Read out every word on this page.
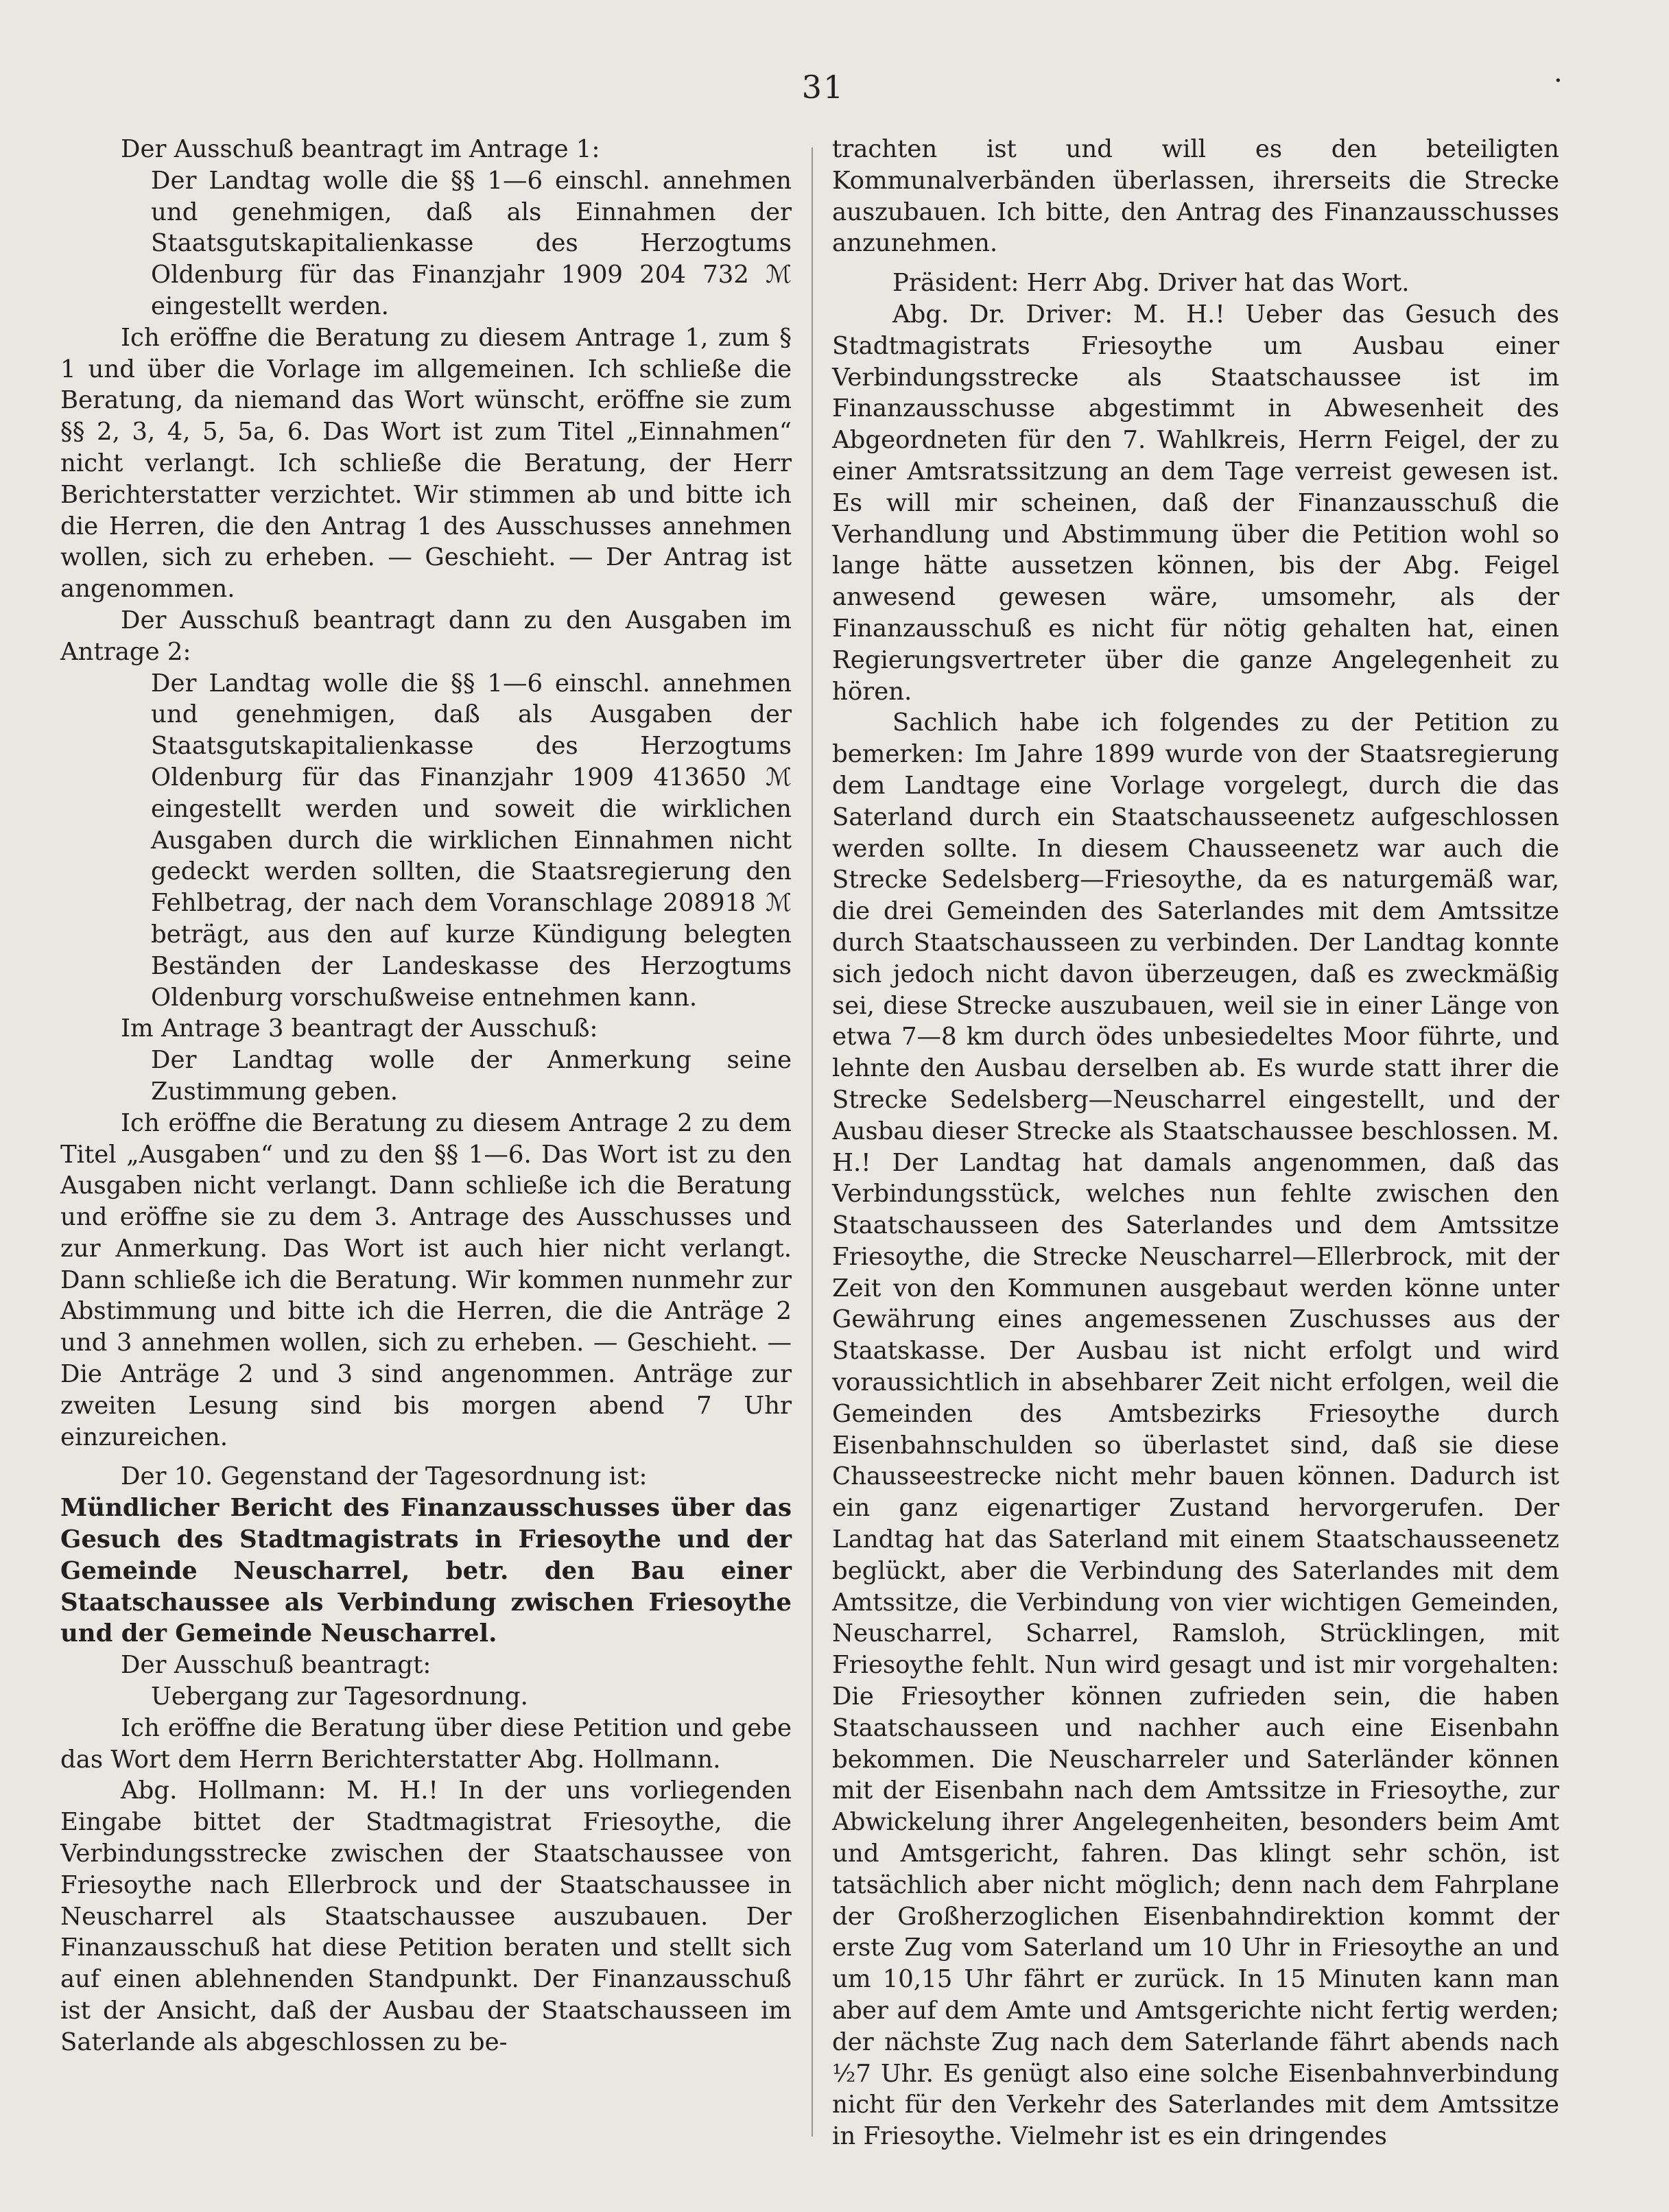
31	·

Der Ausschuß beantragt im Antrage 1:

Der Landtag wolle die §§ 1—6 einschl. annehmen und genehmigen, daß als Einnahmen der Staatsgutskapitalienkasse des Herzogtums Oldenburg für das Finanzjahr 1909 204 732 ℳ eingestellt werden.

Ich eröffne die Beratung zu diesem Antrage 1, zum § 1 und über die Vorlage im allgemeinen. Ich schließe die Beratung, da niemand das Wort wünscht, eröffne sie zum §§ 2, 3, 4, 5, 5a, 6. Das Wort ist zum Titel „Einnahmen“ nicht verlangt. Ich schließe die Beratung, der Herr Berichterstatter verzichtet. Wir stimmen ab und bitte ich die Herren, die den Antrag 1 des Ausschusses annehmen wollen, sich zu erheben. — Geschieht. — Der Antrag ist angenommen.

Der Ausschuß beantragt dann zu den Ausgaben im Antrage 2:

Der Landtag wolle die §§ 1—6 einschl. annehmen und genehmigen, daß als Ausgaben der Staatsgutskapitalienkasse des Herzogtums Oldenburg für das Finanzjahr 1909 413650 ℳ eingestellt werden und soweit die wirklichen Ausgaben durch die wirklichen Einnahmen nicht gedeckt werden sollten, die Staatsregierung den Fehlbetrag, der nach dem Voranschlage 208918 ℳ beträgt, aus den auf kurze Kündigung belegten Beständen der Landeskasse des Herzogtums Oldenburg vorschußweise entnehmen kann.

Im Antrage 3 beantragt der Ausschuß:

Der Landtag wolle der Anmerkung seine Zustimmung geben.

Ich eröffne die Beratung zu diesem Antrage 2 zu dem Titel „Ausgaben“ und zu den §§ 1—6. Das Wort ist zu den Ausgaben nicht verlangt. Dann schließe ich die Beratung und eröffne sie zu dem 3. Antrage des Ausschusses und zur Anmerkung. Das Wort ist auch hier nicht verlangt. Dann schließe ich die Beratung. Wir kommen nunmehr zur Abstimmung und bitte ich die Herren, die die Anträge 2 und 3 annehmen wollen, sich zu erheben. — Geschieht. — Die Anträge 2 und 3 sind angenommen. Anträge zur zweiten Lesung sind bis morgen abend 7 Uhr einzureichen.

Der 10. Gegenstand der Tagesordnung ist:

Mündlicher Bericht des Finanzausschusses über das Gesuch des Stadtmagistrats in Friesoythe und der Gemeinde Neuscharrel, betr. den Bau einer Staatschaussee als Verbindung zwischen Friesoythe und der Gemeinde Neuscharrel.

Der Ausschuß beantragt:

Uebergang zur Tagesordnung.

Ich eröffne die Beratung über diese Petition und gebe das Wort dem Herrn Berichterstatter Abg. Hollmann.

Abg. Hollmann: M. H.! In der uns vorliegenden Eingabe bittet der Stadtmagistrat Friesoythe, die Verbindungsstrecke zwischen der Staatschaussee von Friesoythe nach Ellerbrock und der Staatschaussee in Neuscharrel als Staatschaussee auszubauen. Der Finanzausschuß hat diese Petition beraten und stellt sich auf einen ablehnenden Standpunkt. Der Finanzausschuß ist der Ansicht, daß der Ausbau der Staatschausseen im Saterlande als abgeschlossen zu be-

trachten ist und will es den beteiligten Kommunalverbänden überlassen, ihrerseits die Strecke auszubauen. Ich bitte, den Antrag des Finanzausschusses anzunehmen.

Präsident: Herr Abg. Driver hat das Wort.

Abg. Dr. Driver: M. H.! Ueber das Gesuch des Stadtmagistrats Friesoythe um Ausbau einer Verbindungsstrecke als Staatschaussee ist im Finanzausschusse abgestimmt in Abwesenheit des Abgeordneten für den 7. Wahlkreis, Herrn Feigel, der zu einer Amtsratssitzung an dem Tage verreist gewesen ist. Es will mir scheinen, daß der Finanzausschuß die Verhandlung und Abstimmung über die Petition wohl so lange hätte aussetzen können, bis der Abg. Feigel anwesend gewesen wäre, umsomehr, als der Finanzausschuß es nicht für nötig gehalten hat, einen Regierungsvertreter über die ganze Angelegenheit zu hören.

Sachlich habe ich folgendes zu der Petition zu bemerken: Im Jahre 1899 wurde von der Staatsregierung dem Landtage eine Vorlage vorgelegt, durch die das Saterland durch ein Staatschausseenetz aufgeschlossen werden sollte. In diesem Chausseenetz war auch die Strecke Sedelsberg—Friesoythe, da es naturgemäß war, die drei Gemeinden des Saterlandes mit dem Amtssitze durch Staatschausseen zu verbinden. Der Landtag konnte sich jedoch nicht davon überzeugen, daß es zweckmäßig sei, diese Strecke auszubauen, weil sie in einer Länge von etwa 7—8 km durch ödes unbesiedeltes Moor führte, und lehnte den Ausbau derselben ab. Es wurde statt ihrer die Strecke Sedelsberg—Neuscharrel eingestellt, und der Ausbau dieser Strecke als Staatschaussee beschlossen. M. H.! Der Landtag hat damals angenommen, daß das Verbindungsstück, welches nun fehlte zwischen den Staatschausseen des Saterlandes und dem Amtssitze Friesoythe, die Strecke Neuscharrel—Ellerbrock, mit der Zeit von den Kommunen ausgebaut werden könne unter Gewährung eines angemessenen Zuschusses aus der Staatskasse. Der Ausbau ist nicht erfolgt und wird voraussichtlich in absehbarer Zeit nicht erfolgen, weil die Gemeinden des Amtsbezirks Friesoythe durch Eisenbahnschulden so überlastet sind, daß sie diese Chausseestrecke nicht mehr bauen können. Dadurch ist ein ganz eigenartiger Zustand hervorgerufen. Der Landtag hat das Saterland mit einem Staatschausseenetz beglückt, aber die Verbindung des Saterlandes mit dem Amtssitze, die Verbindung von vier wichtigen Gemeinden, Neuscharrel, Scharrel, Ramsloh, Strücklingen, mit Friesoythe fehlt. Nun wird gesagt und ist mir vorgehalten: Die Friesoyther können zufrieden sein, die haben Staatschausseen und nachher auch eine Eisenbahn bekommen. Die Neuscharreler und Saterländer können mit der Eisenbahn nach dem Amtssitze in Friesoythe, zur Abwickelung ihrer Angelegenheiten, besonders beim Amt und Amtsgericht, fahren. Das klingt sehr schön, ist tatsächlich aber nicht möglich; denn nach dem Fahrplane der Großherzoglichen Eisenbahndirektion kommt der erste Zug vom Saterland um 10 Uhr in Friesoythe an und um 10,15 Uhr fährt er zurück. In 15 Minuten kann man aber auf dem Amte und Amtsgerichte nicht fertig werden; der nächste Zug nach dem Saterlande fährt abends nach ½7 Uhr. Es genügt also eine solche Eisenbahnverbindung nicht für den Verkehr des Saterlandes mit dem Amtssitze in Friesoythe. Vielmehr ist es ein dringendes
